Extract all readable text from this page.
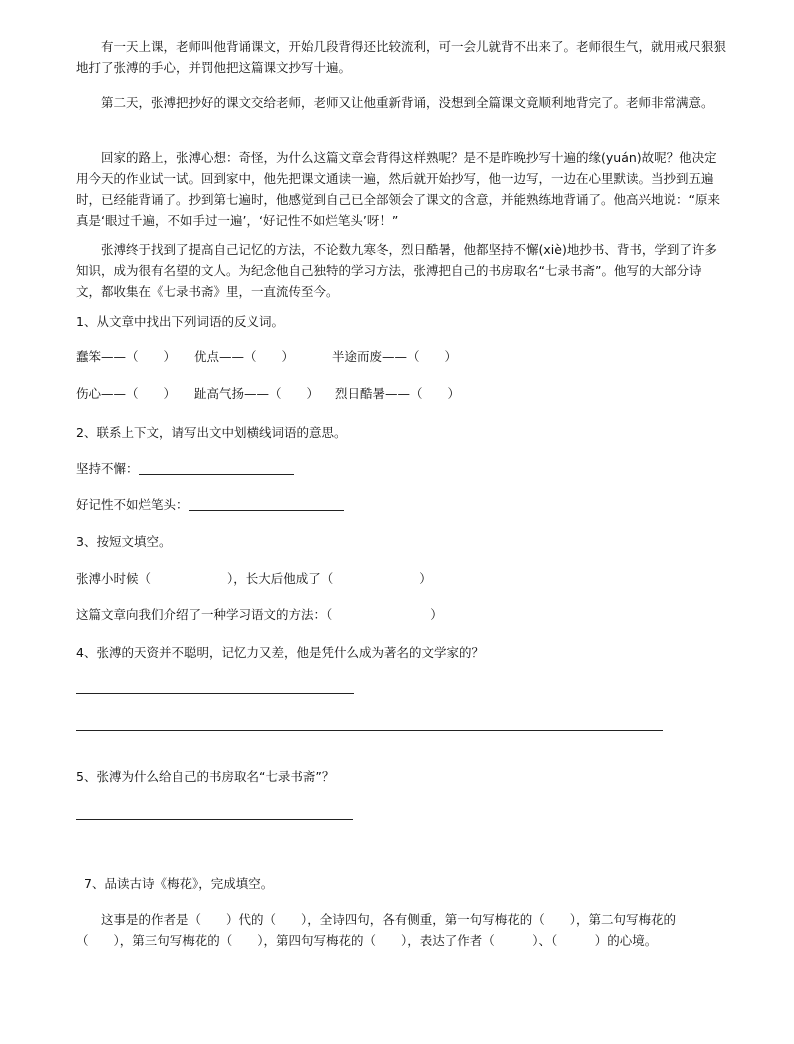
有一天上课，老师叫他背诵课文，开始几段背得还比较流利，可一会儿就背不出来了。老师很生气，就用戒尺狠狠地打了张溥的手心，并罚他把这篇课文抄写十遍。

第二天，张溥把抄好的课文交给老师，老师又让他重新背诵，没想到全篇课文竟顺利地背完了。老师非常满意。

回家的路上，张溥心想：奇怪，为什么这篇文章会背得这样熟呢？是不是昨晚抄写十遍的缘(yuán)故呢？他决定用今天的作业试一试。回到家中，他先把课文通读一遍，然后就开始抄写，他一边写，一边在心里默读。当抄到五遍时，已经能背诵了。抄到第七遍时，他感觉到自己已全部领会了课文的含意，并能熟练地背诵了。他高兴地说：“原来真是‘眼过千遍，不如手过一遍’，‘好记性不如烂笔头’呀！”

张溥终于找到了提高自己记忆的方法，不论数九寒冬，烈日酷暑，他都坚持不懈(xiè)地抄书、背书，学到了许多知识，成为很有名望的文人。为纪念他自己独特的学习方法，张溥把自己的书房取名“七录书斋”。他写的大部分诗文，都收集在《七录书斋》里，一直流传至今。

1、从文章中找出下列词语的反义词。

蠢笨——（　　） 优点——（　　）	半途而废——（　　）

伤心——（　　） 趾高气扬——（　　） 烈日酷暑——（　　）

2、联系上下文，请写出文中划横线词语的意思。

坚持不懈：

好记性不如烂笔头：

3、按短文填空。

张溥小时候（	），长大后他成了（	）

这篇文章向我们介绍了一种学习语文的方法：（	）

4、张溥的天资并不聪明，记忆力又差，他是凭什么成为著名的文学家的？

5、张溥为什么给自己的书房取名“七录书斋”？

7、品读古诗《梅花》，完成填空。

这事是的作者是（　　）代的（　　），全诗四句，各有侧重，第一句写梅花的（　　），第二句写梅花的（　　），第三句写梅花的（　　），第四句写梅花的（　　），表达了作者（　　　）、（　　　）的心境。
